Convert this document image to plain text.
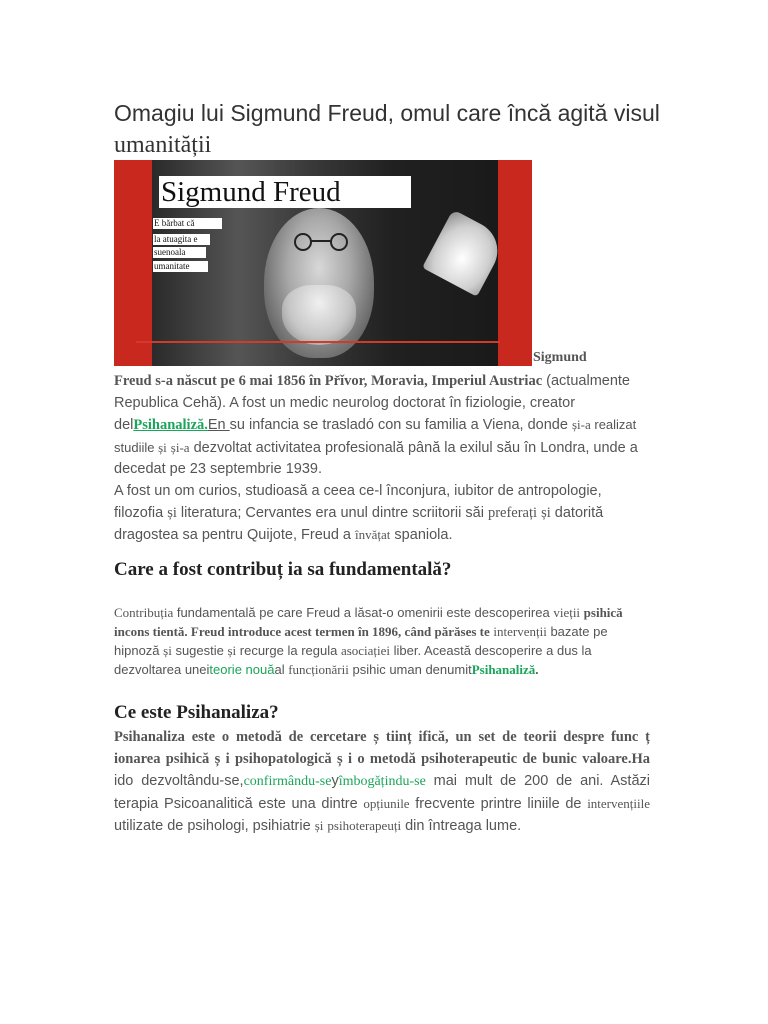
Omagiu lui Sigmund Freud, omul care încă agită visul umanității
Sigmund Freud
E bărbat că
la atuagita e
suenoala
umanitate
Sigmund

Freud s-a născut pe 6 mai 1856 în Pr̆ǐvor, Moravia, Imperiul Austriac (actualmente Republica Cehă). A fost un medic neurolog doctorat în fiziologie, creator delPsihanaliză.En su infancia se trasladó con su familia a Viena, donde și-a realizat studiile și și-a dezvoltat activitatea profesională până la exilul său în Londra, unde a decedat pe 23 septembrie 1939.

A fost un om curios, studioasă a ceea ce-l înconjura, iubitor de antropologie, filozofia și literatura; Cervantes era unul dintre scriitorii săi preferați și datorită dragostea sa pentru Quijote, Freud a învățat spaniola.

Care a fost contribuț ia sa fundamentală?

Contribuția fundamentală pe care Freud a lăsat-o omenirii este descoperirea vieții psihică incons tientă. Freud introduce acest termen în 1896, când părăses te intervenții bazate pe hipnoză și sugestie și recurge la regula asociației liber. Această descoperire a dus la dezvoltarea uneiteorie nouăal funcționării psihic uman denumitPsihanaliză.

Ce este Psihanaliza?

Psihanaliza este o metodă de cercetare ș tiinț ifică, un set de teorii despre func ț ionarea psihică ș i psihopatologică ș i o metodă psihoterapeutic de bunic valoare.Ha ido dezvoltându-se,confirmându-seyîmbogățindu-se mai mult de 200 de ani. Astăzi terapia Psicoanalitică este una dintre opțiunile frecvente printre liniile de intervențiile utilizate de psihologi, psihiatrie și psihoterapeuți din întreaga lume.
